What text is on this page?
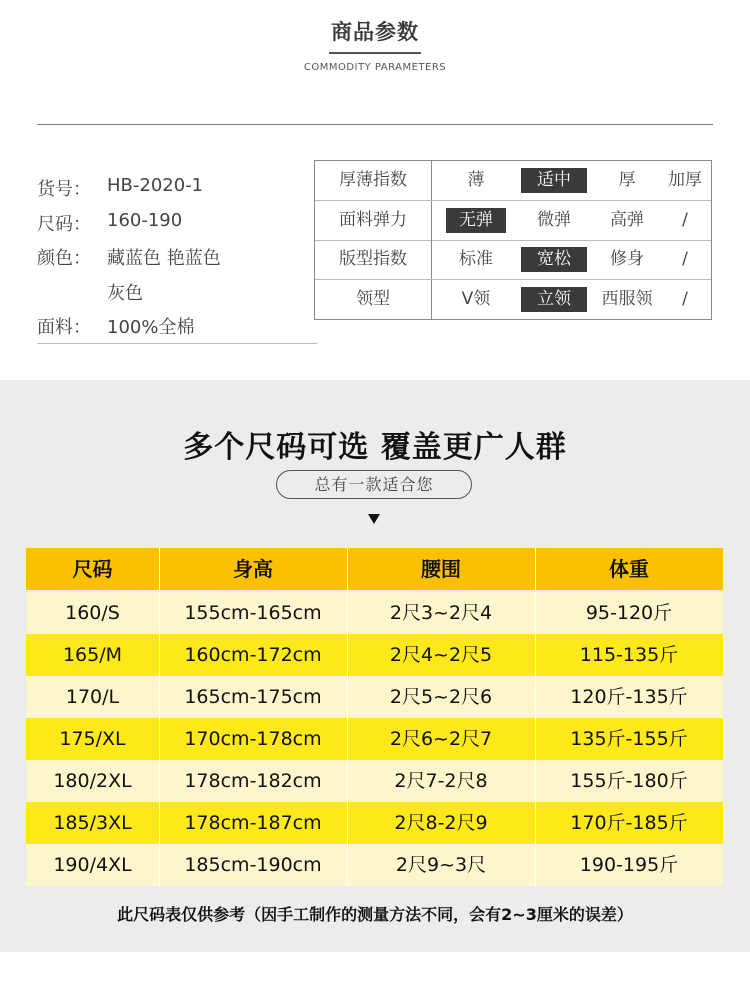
商品参数
COMMODITY PARAMETERS
货号： HB-2020-1
尺码： 160-190
颜色： 藏蓝色 艳蓝色
灰色
面料： 100%全棉
厚薄指数	薄	适中	厚	加厚
面料弹力	无弹	微弹	高弹	/
版型指数	标准	宽松	修身	/
领型	V领	立领	西服领	/
多个尺码可选 覆盖更广人群
总有一款适合您
尺码	身高	腰围	体重
160/S	155cm-165cm	2尺3~2尺4	95-120斤
165/M	160cm-172cm	2尺4~2尺5	115-135斤
170/L	165cm-175cm	2尺5~2尺6	120斤-135斤
175/XL	170cm-178cm	2尺6~2尺7	135斤-155斤
180/2XL	178cm-182cm	2尺7-2尺8	155斤-180斤
185/3XL	178cm-187cm	2尺8-2尺9	170斤-185斤
190/4XL	185cm-190cm	2尺9~3尺	190-195斤
此尺码表仅供参考（因手工制作的测量方法不同，会有2~3厘米的误差）
